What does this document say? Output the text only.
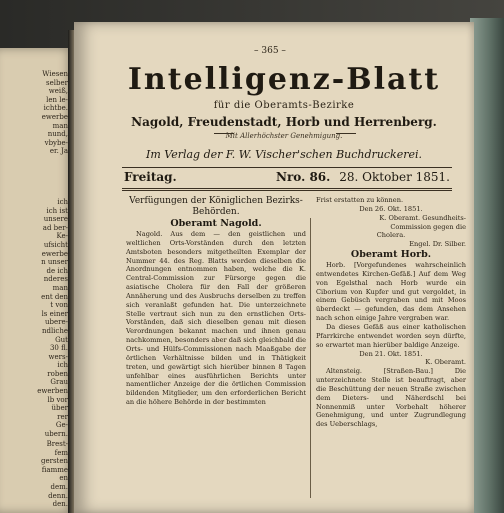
Wiesen
selber
weiß,
len le-
ichtbe.
ewerbe
man
nund,
vbybe-
er. Ja
ich
ich ist
unsere
ad ber-
Ke-
ufsicht
ewerbe
n unser
de ich
nderes
man
ent den
t von
ls einer
ubere-
ndliche
Gut
30 fl.
wers-
ich
roben
Grau
ewerben
lb vor
über
rer
Ge-
ubern.
Brest-
fem
gersten
fiamme
en
dem.
denn.
den.
– 365 –
Intelligenz-Blatt
für die Oberamts-Bezirke
Nagold, Freudenstadt, Horb und Herrenberg.
Mit Allerhöchster Genehmigung.
Im Verlag der F. W. Vischer'schen Buchdruckerei.
Freitag.	Nro. 86. 28. Oktober 1851.

Verfügungen der Königlichen Bezirks-Behörden.

Oberamt Nagold.

Nagold. Aus dem — den geistlichen und weltlichen Orts-Vorständen durch den letzten Amtsboten besonders mitgetheilten Exemplar der Nummer 44. des Reg. Blatts werden dieselben die Anordnungen entnommen haben, welche die K. Central-Commission zur Fürsorge gegen die asiatische Cholera für den Fall der größeren Annäherung und des Ausbruchs derselben zu treffen sich veranlaßt gefunden hat. Die unterzeichnete Stelle vertraut sich nun zu den ernstlichen Orts-Vorständen, daß sich dieselben genau mit diesen Verordnungen bekannt machen und ihnen genau nachkommen, besonders aber daß sich gleichbald die Orts- und Hülfs-Commissionen nach Maaßgabe der örtlichen Verhältnisse bilden und in Thätigkeit treten, und gewärtigt sich hierüber binnen 8 Tagen unfehlbar eines ausführlichen Berichts unter namentlicher Anzeige der die örtlichen Commission bildenden Mitglieder, um den erforderlichen Bericht an die höhere Behörde in der bestimmten

Frist erstatten zu können.

Den 26. Okt. 1851.

K. Oberamt. Gesundheits-

Commission gegen die

Cholera.

Engel. Dr. Silber.

Oberamt Horb.

Horb. [Vorgefundenes wahrscheinlich entwendetes Kirchen-Gefäß.] Auf dem Weg von Egelsthal nach Horb wurde ein Ciborium von Kupfer und gut vergoldet, in einem Gebüsch vergraben und mit Moos überdeckt — gefunden, das dem Ansehen nach schon einige Jahre vergraben war.

Da dieses Gefäß aus einer katholischen Pfarrkirche entwendet worden seyn dürfte, so erwartet man hierüber baldige Anzeige.

Den 21. Okt. 1851.

K. Oberamt.

Altensteig. [Straßen-Bau.] Die unterzeichnete Stelle ist beauftragt, aber die Beschüttung der neuen Straße zwischen dem Dieters- und Näherdschl bei Nonnenmiß unter Vorbehalt höherer Genehmigung, und unter Zugrundlegung des Ueberschlags,
